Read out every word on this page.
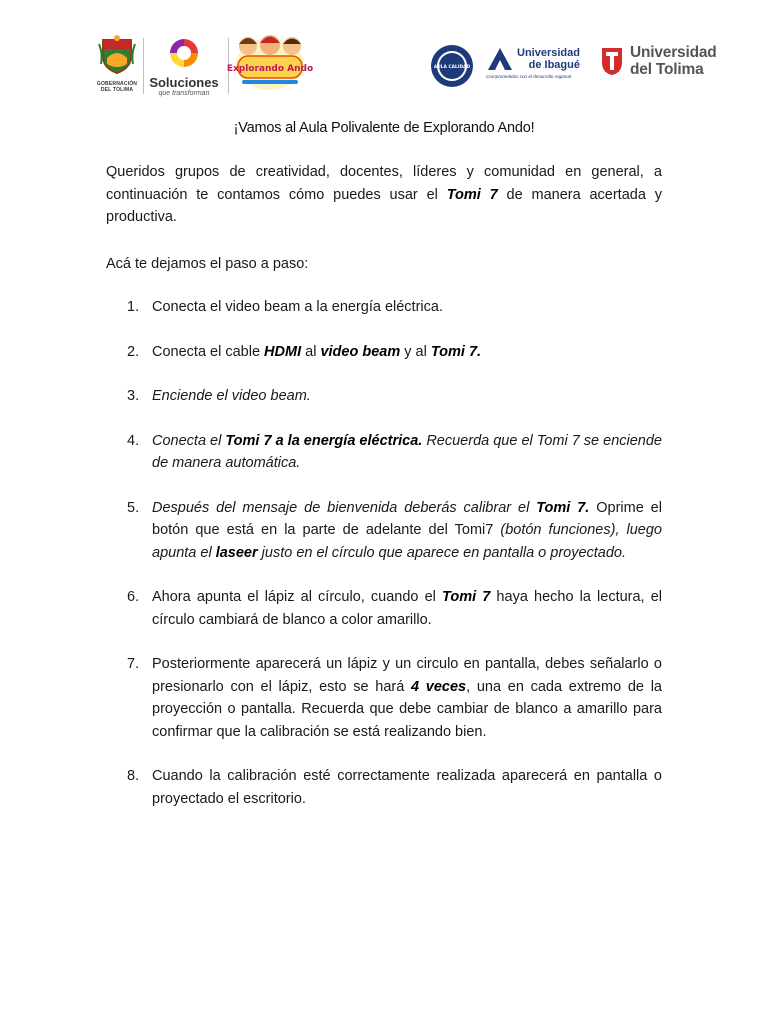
GOBERNACIÓN DEL TOLIMA	Soluciones
que transforman
Explorando Ando	AULA CALIDAD
Universidad
de Ibagué
Comprometidos con el desarrollo regional
Universidad
del Tolima
¡Vamos al Aula Polivalente de Explorando Ando!

Queridos grupos de creatividad, docentes, líderes y comunidad en general, a continuación te contamos cómo puedes usar el Tomi 7 de manera acertada y productiva.

Acá te dejamos el paso a paso:

1. Conecta el video beam a la energía eléctrica.
2. Conecta el cable HDMI al video beam y al Tomi 7.
3. Enciende el video beam.
4. Conecta el Tomi 7 a la energía eléctrica. Recuerda que el Tomi 7 se enciende de manera automática.
5. Después del mensaje de bienvenida deberás calibrar el Tomi 7. Oprime el botón que está en la parte de adelante del Tomi7 (botón funciones), luego apunta el laseer justo en el círculo que aparece en pantalla o proyectado.
6. Ahora apunta el lápiz al círculo, cuando el Tomi 7 haya hecho la lectura, el círculo cambiará de blanco a color amarillo.
7. Posteriormente aparecerá un lápiz y un circulo en pantalla, debes señalarlo o presionarlo con el lápiz, esto se hará 4 veces, una en cada extremo de la proyección o pantalla. Recuerda que debe cambiar de blanco a amarillo para confirmar que la calibración se está realizando bien.
8. Cuando la calibración esté correctamente realizada aparecerá en pantalla o proyectado el escritorio.
